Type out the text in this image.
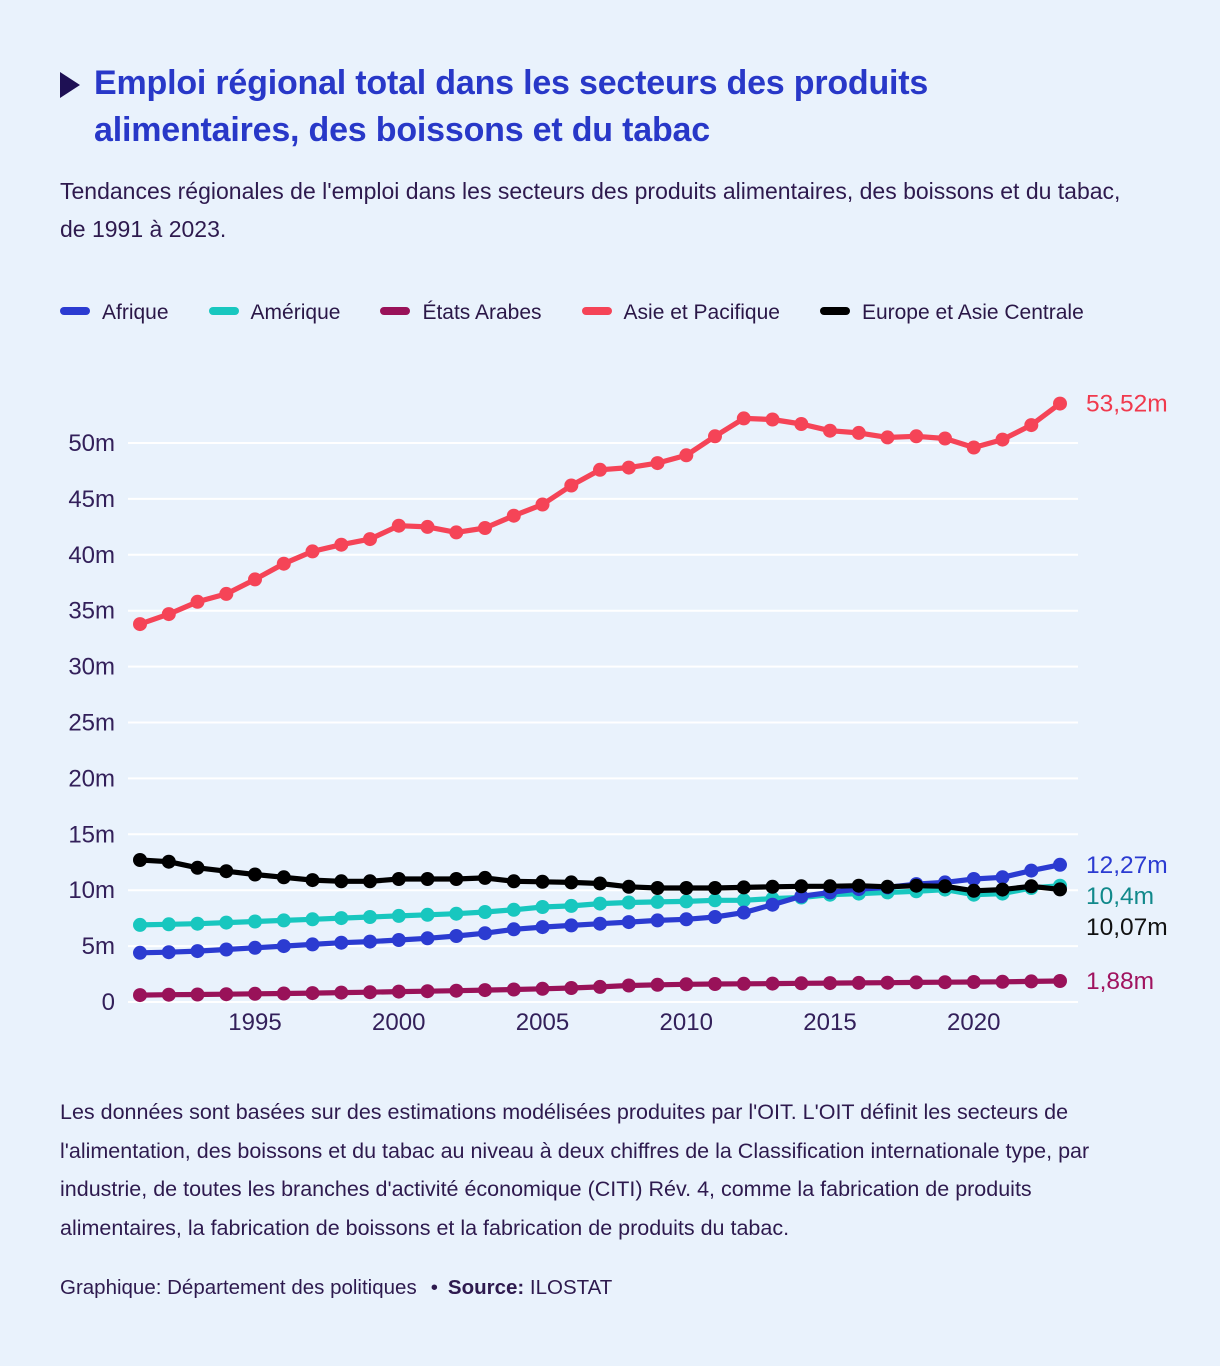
Emploi régional total dans les secteurs des produits alimentaires, des boissons et du tabac
Tendances régionales de l'emploi dans les secteurs des produits alimentaires, des boissons et du tabac, de 1991 à 2023.
Afrique	Amérique	États Arabes	Asie et Pacifique	Europe et Asie Centrale
0
5m
10m
15m
20m
25m
30m
35m
40m
45m
50m
1995	2000	2005	2010	2015	2020
53,52m
12,27m
10,4m
10,07m
1,88m
Les données sont basées sur des estimations modélisées produites par l'OIT. L'OIT définit les secteurs de l'alimentation, des boissons et du tabac au niveau à deux chiffres de la Classification internationale type, par industrie, de toutes les branches d'activité économique (CITI) Rév. 4, comme la fabrication de produits alimentaires, la fabrication de boissons et la fabrication de produits du tabac.
Graphique: Département des politiques • Source: ILOSTAT
